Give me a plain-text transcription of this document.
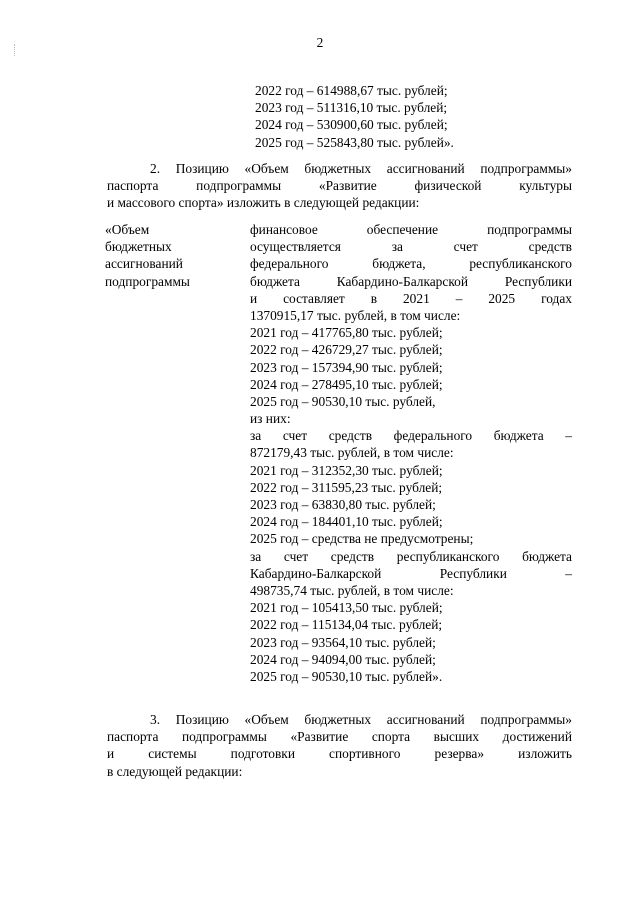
2
2022 год – 614988,67 тыс. рублей;
2023 год – 511316,10 тыс. рублей;
2024 год – 530900,60 тыс. рублей;
2025 год – 525843,80 тыс. рублей».
2. Позицию «Объем бюджетных ассигнований подпрограммы»
паспорта подпрограммы «Развитие физической культуры
и массового спорта» изложить в следующей редакции:
«Объем
бюджетных
ассигнований
подпрограммы
финансовое обеспечение подпрограммы
осуществляется за счет средств
федерального бюджета, республиканского
бюджета Кабардино-Балкарской Республики
и составляет в 2021 – 2025 годах
1370915,17 тыс. рублей, в том числе:
2021 год – 417765,80 тыс. рублей;
2022 год – 426729,27 тыс. рублей;
2023 год – 157394,90 тыс. рублей;
2024 год – 278495,10 тыс. рублей;
2025 год – 90530,10 тыс. рублей,
из них:
за счет средств федерального бюджета –
872179,43 тыс. рублей, в том числе:
2021 год – 312352,30 тыс. рублей;
2022 год – 311595,23 тыс. рублей;
2023 год – 63830,80 тыс. рублей;
2024 год – 184401,10 тыс. рублей;
2025 год – средства не предусмотрены;
за счет средств республиканского бюджета
Кабардино-Балкарской Республики –
498735,74 тыс. рублей, в том числе:
2021 год – 105413,50 тыс. рублей;
2022 год – 115134,04 тыс. рублей;
2023 год – 93564,10 тыс. рублей;
2024 год – 94094,00 тыс. рублей;
2025 год – 90530,10 тыс. рублей».
3. Позицию «Объем бюджетных ассигнований подпрограммы»
паспорта подпрограммы «Развитие спорта высших достижений
и системы подготовки спортивного резерва» изложить
в следующей редакции:
